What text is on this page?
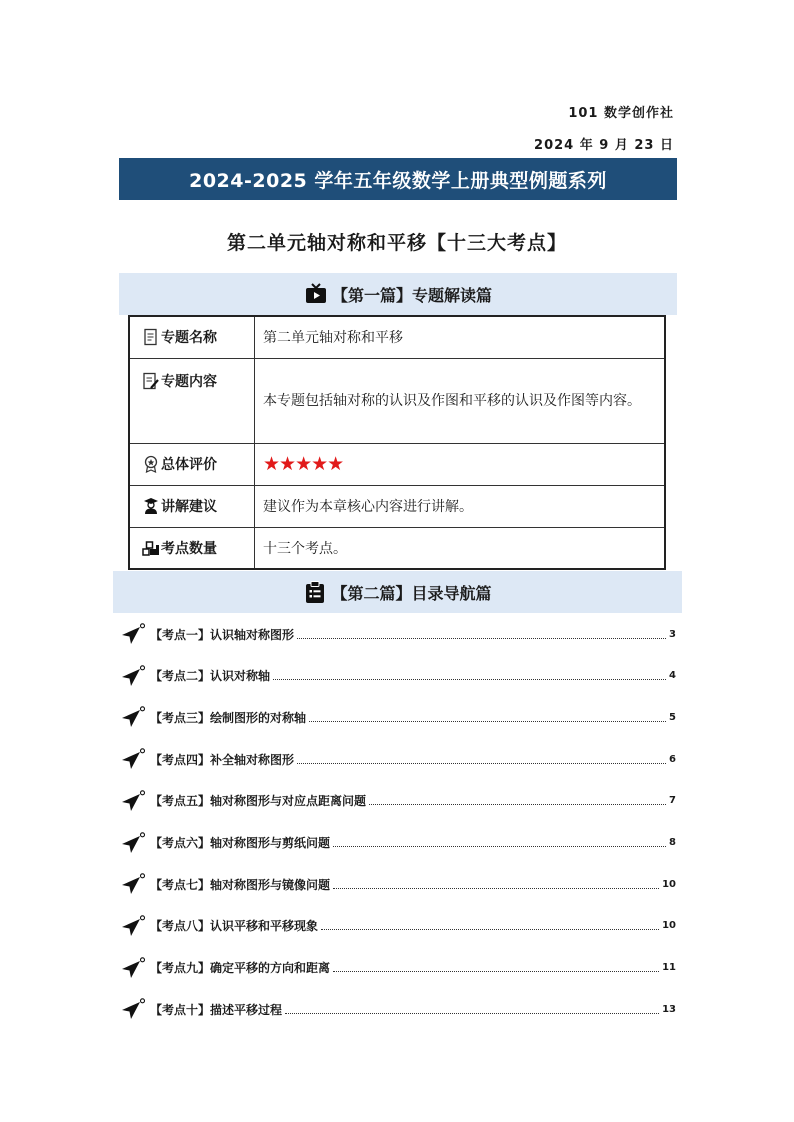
101 数学创作社
2024 年 9 月 23 日
2024-2025 学年五年级数学上册典型例题系列
第二单元轴对称和平移【十三大考点】
【第一篇】专题解读篇
专题名称	第二单元轴对称和平移
专题内容	本专题包括轴对称的认识及作图和平移的认识及作图等内容。
总体评价	★★★★★
讲解建议	建议作为本章核心内容进行讲解。
考点数量	十三个考点。
【第二篇】目录导航篇
【考点一】认识轴对称图形	3
【考点二】认识对称轴	4
【考点三】绘制图形的对称轴	5
【考点四】补全轴对称图形	6
【考点五】轴对称图形与对应点距离问题	7
【考点六】轴对称图形与剪纸问题	8
【考点七】轴对称图形与镜像问题	10
【考点八】认识平移和平移现象	10
【考点九】确定平移的方向和距离	11
【考点十】描述平移过程	13
